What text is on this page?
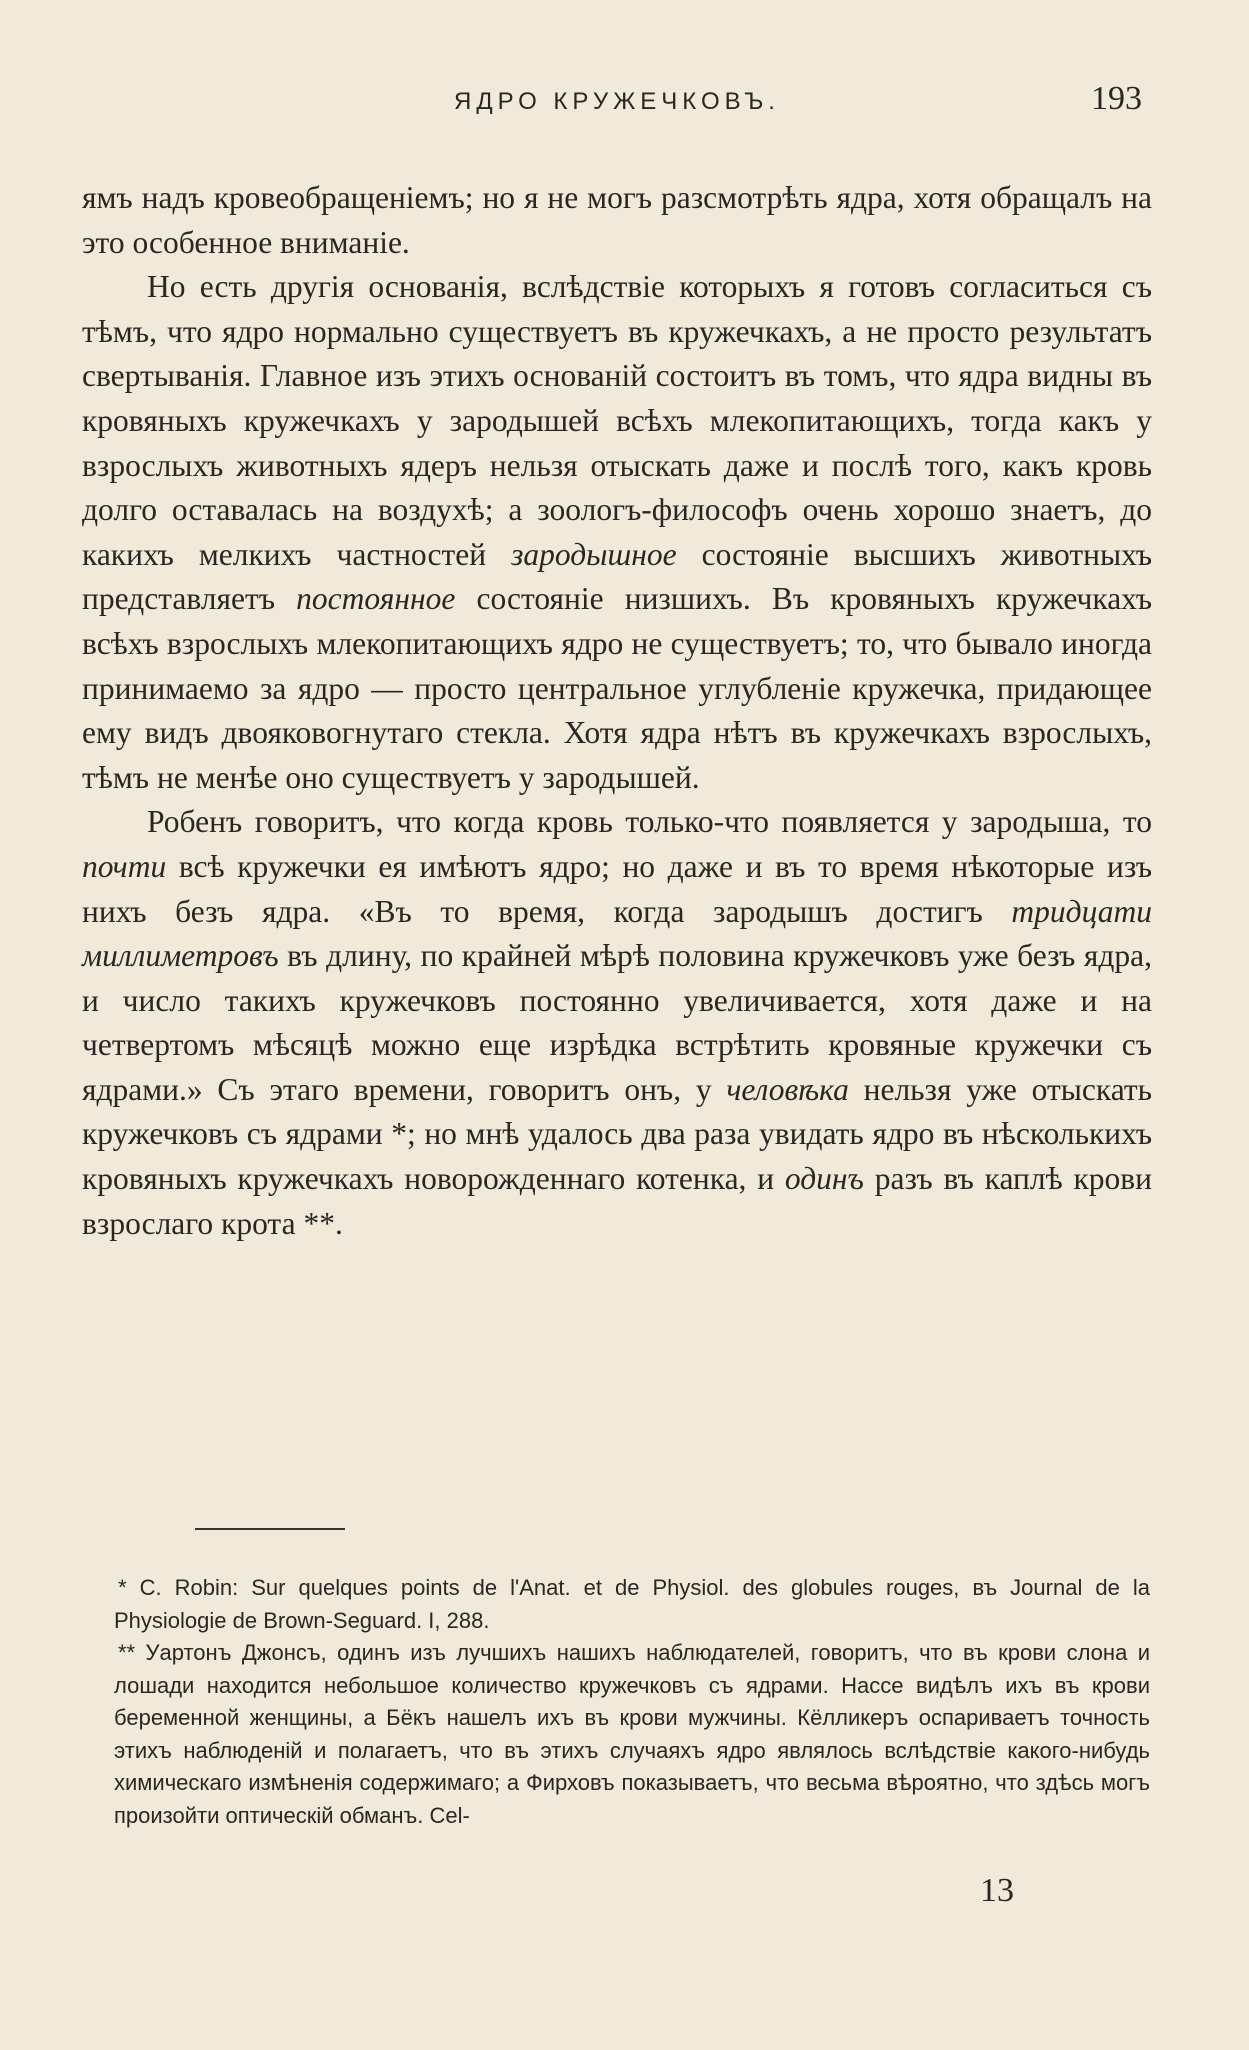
ЯДРО КРУЖЕЧКОВЪ.	193

ямъ надъ кровеобращеніемъ; но я не могъ разсмотрѣть ядра, хотя обращалъ на это особенное вниманіе.

Но есть другія основанія, вслѣдствіе которыхъ я готовъ согласиться съ тѣмъ, что ядро нормально существуетъ въ кружечкахъ, а не просто результатъ свертыванія. Главное изъ этихъ основаній состоитъ въ томъ, что ядра видны въ кровяныхъ кружечкахъ у зародышей всѣхъ млекопитающихъ, тогда какъ у взрослыхъ животныхъ ядеръ нельзя отыскать даже и послѣ того, какъ кровь долго оставалась на воздухѣ; а зоологъ-философъ очень хорошо знаетъ, до какихъ мелкихъ частностей зародышное состояніе высшихъ животныхъ представляетъ постоянное состояніе низшихъ. Въ кровяныхъ кружечкахъ всѣхъ взрослыхъ млекопитающихъ ядро не существуетъ; то, что бывало иногда принимаемо за ядро — просто центральное углубленіе кружечка, придающее ему видъ двояковогнутаго стекла. Хотя ядра нѣтъ въ кружечкахъ взрослыхъ, тѣмъ не менѣе оно существуетъ у зародышей.

Робенъ говоритъ, что когда кровь только-что появляется у зародыша, то почти всѣ кружечки ея имѣютъ ядро; но даже и въ то время нѣкоторые изъ нихъ безъ ядра. «Въ то время, когда зародышъ достигъ тридцати миллиметровъ въ длину, по крайней мѣрѣ половина кружечковъ уже безъ ядра, и число такихъ кружечковъ постоянно увеличивается, хотя даже и на четвертомъ мѣсяцѣ можно еще изрѣдка встрѣтить кровяные кружечки съ ядрами.» Съ этаго времени, говоритъ онъ, у человѣка нельзя уже отыскать кружечковъ съ ядрами *; но мнѣ удалось два раза увидать ядро въ нѣсколькихъ кровяныхъ кружечкахъ новорожденнаго котенка, и одинъ разъ въ каплѣ крови взрослаго крота **.

* C. Robin: Sur quelques points de l'Anat. et de Physiol. des globules rouges, въ Journal de la Physiologie de Brown-Seguard. I, 288.

** Уартонъ Джонсъ, одинъ изъ лучшихъ нашихъ наблюдателей, говоритъ, что въ крови слона и лошади находится небольшое количество кружечковъ съ ядрами. Нассе видѣлъ ихъ въ крови беременной женщины, а Бёкъ нашелъ ихъ въ крови мужчины. Кёлликеръ оспариваетъ точность этихъ наблюденій и полагаетъ, что въ этихъ случаяхъ ядро являлось вслѣдствіе какого-нибудь химическаго измѣненія содержимаго; а Фирховъ показываетъ, что весьма вѣроятно, что здѣсь могъ произойти оптическій обманъ. Cel-

13
